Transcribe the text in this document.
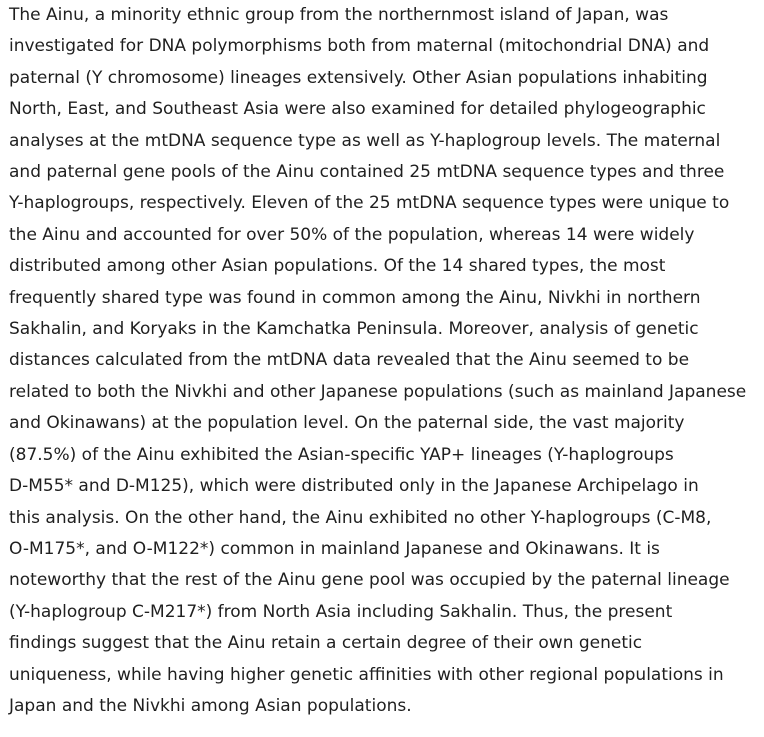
The Ainu, a minority ethnic group from the northernmost island of Japan, was
investigated for DNA polymorphisms both from maternal (mitochondrial DNA) and
paternal (Y chromosome) lineages extensively. Other Asian populations inhabiting
North, East, and Southeast Asia were also examined for detailed phylogeographic
analyses at the mtDNA sequence type as well as Y-haplogroup levels. The maternal
and paternal gene pools of the Ainu contained 25 mtDNA sequence types and three
Y-haplogroups, respectively. Eleven of the 25 mtDNA sequence types were unique to
the Ainu and accounted for over 50% of the population, whereas 14 were widely
distributed among other Asian populations. Of the 14 shared types, the most
frequently shared type was found in common among the Ainu, Nivkhi in northern
Sakhalin, and Koryaks in the Kamchatka Peninsula. Moreover, analysis of genetic
distances calculated from the mtDNA data revealed that the Ainu seemed to be
related to both the Nivkhi and other Japanese populations (such as mainland Japanese
and Okinawans) at the population level. On the paternal side, the vast majority
(87.5%) of the Ainu exhibited the Asian-specific YAP+ lineages (Y-haplogroups
D-M55* and D-M125), which were distributed only in the Japanese Archipelago in
this analysis. On the other hand, the Ainu exhibited no other Y-haplogroups (C-M8,
O-M175*, and O-M122*) common in mainland Japanese and Okinawans. It is
noteworthy that the rest of the Ainu gene pool was occupied by the paternal lineage
(Y-haplogroup C-M217*) from North Asia including Sakhalin. Thus, the present
findings suggest that the Ainu retain a certain degree of their own genetic
uniqueness, while having higher genetic affinities with other regional populations in
Japan and the Nivkhi among Asian populations.
